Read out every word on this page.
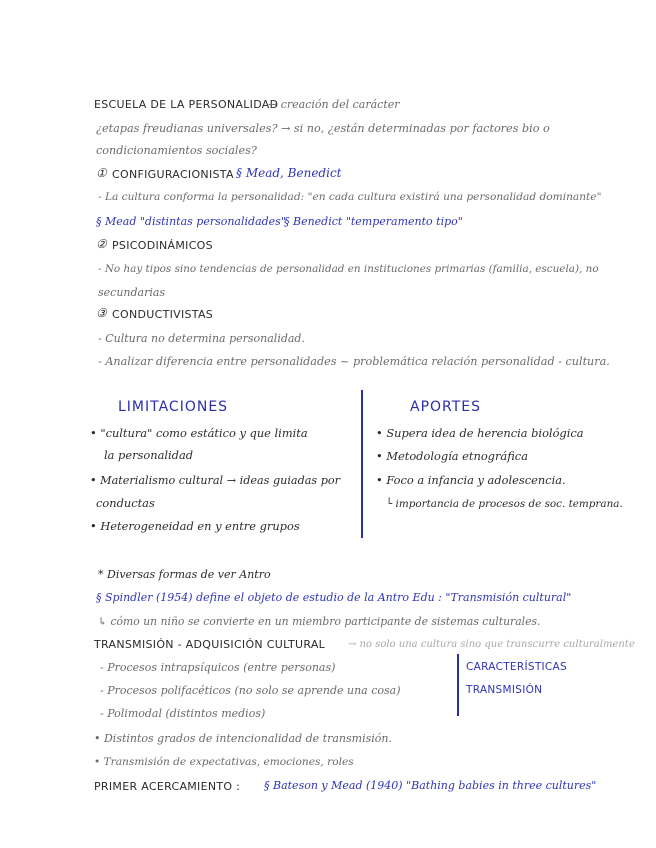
ESCUELA DE LA PERSONALIDAD
→ creación del carácter
¿etapas freudianas universales? → si no, ¿están determinadas por factores bio o
condicionamientos sociales?
① CONFIGURACIONISTA § Mead, Benedict
- La cultura conforma la personalidad: "en cada cultura existirá una personalidad dominante"
§ Mead "distintas personalidades"
§ Benedict "temperamento tipo"
② PSICODINÁMICOS
- No hay tipos sino tendencias de personalidad en instituciones primarias (familia, escuela), no
secundarias
③ CONDUCTIVISTAS
- Cultura no determina personalidad.
- Analizar diferencia entre personalidades ~ problemática relación personalidad - cultura.
LIMITACIONES	APORTES
• "cultura" como estático y que limita
la personalidad
• Materialismo cultural → ideas guiadas por
conductas
• Heterogeneidad en y entre grupos
• Supera idea de herencia biológica
• Metodología etnográfica
• Foco a infancia y adolescencia.
└ importancia de procesos de soc. temprana.
* Diversas formas de ver Antro
§ Spindler (1954) define el objeto de estudio de la Antro Edu : "Transmisión cultural"
↳ cómo un niño se convierte en un miembro participante de sistemas culturales.
TRANSMISIÓN - ADQUISICIÓN CULTURAL → no solo una cultura sino que transcurre culturalmente
- Procesos intrapsíquicos (entre personas)
- Procesos polifacéticos (no solo se aprende una cosa)
- Polimodal (distintos medios)
CARACTERÍSTICAS
TRANSMISIÓN
• Distintos grados de intencionalidad de transmisión.
• Transmisión de expectativas, emociones, roles
PRIMER ACERCAMIENTO : § Bateson y Mead (1940) "Bathing babies in three cultures"
